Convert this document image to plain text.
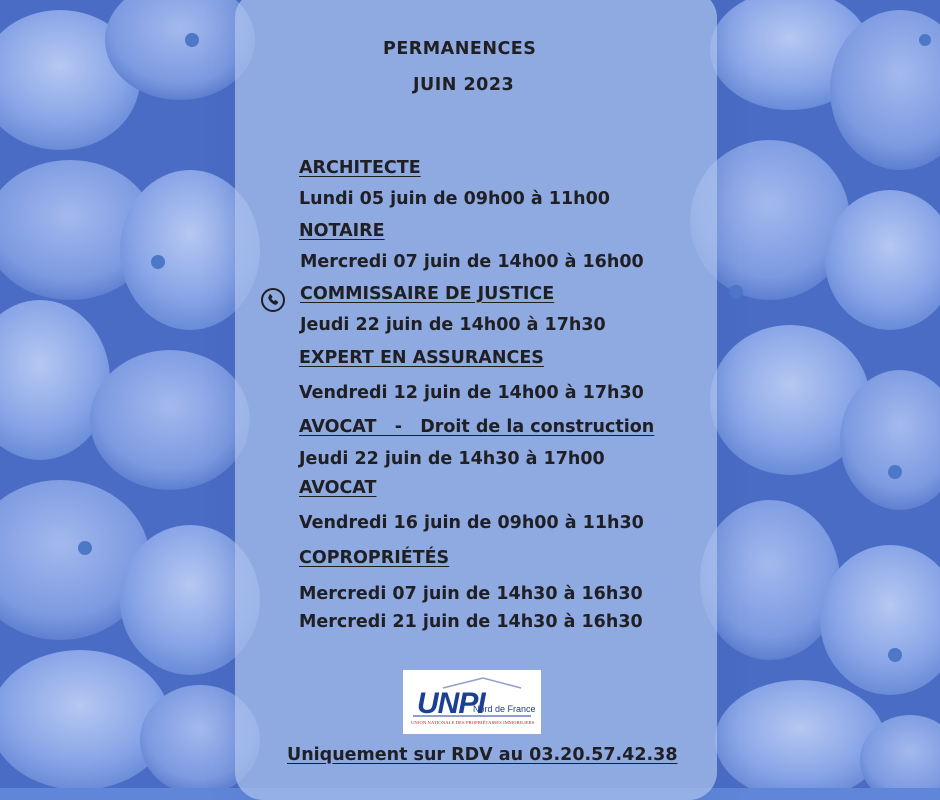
PERMANENCES
JUIN 2023
ARCHITECTE
Lundi 05 juin de 09h00 à 11h00
NOTAIRE
Mercredi 07 juin de 14h00 à 16h00
COMMISSAIRE DE JUSTICE
Jeudi 22 juin de 14h00 à 17h30
EXPERT EN ASSURANCES
Vendredi 12 juin de 14h00 à 17h30
AVOCAT   -   Droit de la construction
Jeudi 22 juin de 14h30 à 17h00
AVOCAT
Vendredi 16 juin de 09h00 à 11h30
COPROPRIÉTÉS
Mercredi 07 juin de 14h30 à 16h30
Mercredi 21 juin de 14h30 à 16h30
UNPI
Nord de France
UNION NATIONALE DES PROPRIÉTAIRES IMMOBILIERS
Uniquement sur RDV au 03.20.57.42.38
